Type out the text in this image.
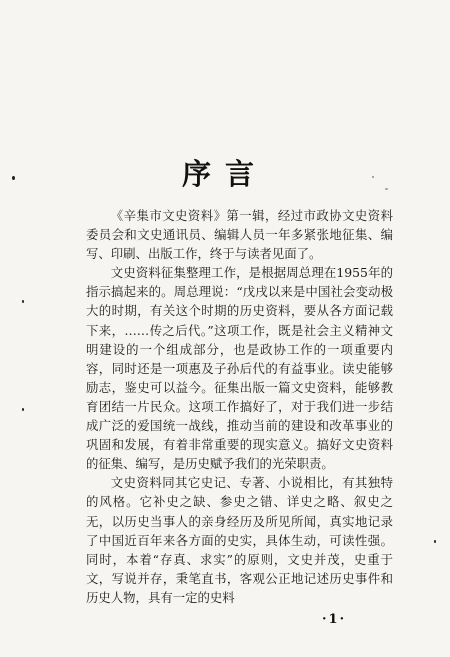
序言

《辛集市文史资料》第一辑，经过市政协文史资料委员会和文史通讯员、编辑人员一年多紧张地征集、编写、印刷、出版工作，终于与读者见面了。

文史资料征集整理工作，是根据周总理在1955年的指示搞起来的。周总理说：“戊戌以来是中国社会变动极大的时期，有关这个时期的历史资料，要从各方面记载下来，……传之后代。”这项工作，既是社会主义精神文明建设的一个组成部分，也是政协工作的一项重要内容，同时还是一项惠及子孙后代的有益事业。读史能够励志，鉴史可以益今。征集出版一篇文史资料，能够教育团结一片民众。这项工作搞好了，对于我们进一步结成广泛的爱国统一战线，推动当前的建设和改革事业的巩固和发展，有着非常重要的现实意义。搞好文史资料的征集、编写，是历史赋予我们的光荣职责。

文史资料同其它史记、专著、小说相比，有其独特的风格。它补史之缺、参史之错、详史之略、叙史之无，以历史当事人的亲身经历及所见所闻，真实地记录了中国近百年来各方面的史实，具体生动，可读性强。同时，本着“存真、求实”的原则，文史并茂，史重于文，写说并存，秉笔直书，客观公正地记述历史事件和历史人物，具有一定的史料

·1·
